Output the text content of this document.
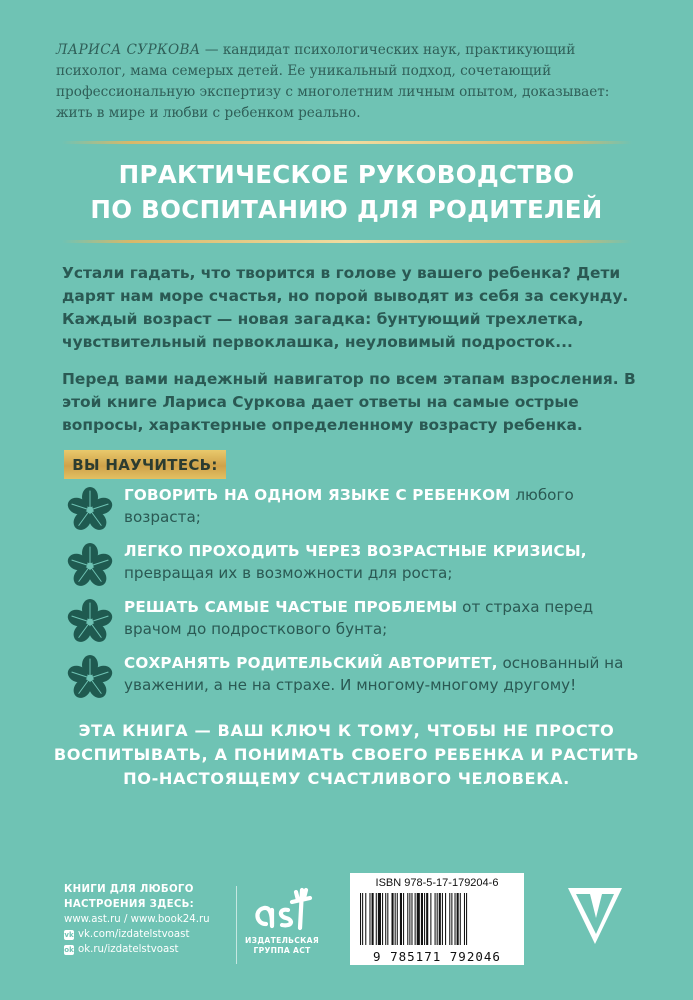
ЛАРИСА СУРКОВА — кандидат психологических наук, практикующий психолог, мама семерых детей. Ее уникальный подход, сочетающий профессиональную экспертизу с многолетним личным опытом, доказывает: жить в мире и любви с ребенком реально.
ПРАКТИЧЕСКОЕ РУКОВОДСТВО
ПО ВОСПИТАНИЮ ДЛЯ РОДИТЕЛЕЙ
Устали гадать, что творится в голове у вашего ребенка? Дети дарят нам море счастья, но порой выводят из себя за секунду. Каждый возраст — новая загадка: бунтующий трехлетка, чувствительный первоклашка, неуловимый подросток...
Перед вами надежный навигатор по всем этапам взросления. В этой книге Лариса Суркова дает ответы на самые острые вопросы, характерные определенному возрасту ребенка.
ВЫ НАУЧИТЕСЬ:
ГОВОРИТЬ НА ОДНОМ ЯЗЫКЕ С РЕБЕНКОМ любого возраста;
ЛЕГКО ПРОХОДИТЬ ЧЕРЕЗ ВОЗРАСТНЫЕ КРИЗИСЫ, превращая их в возможности для роста;
РЕШАТЬ САМЫЕ ЧАСТЫЕ ПРОБЛЕМЫ от страха перед врачом до подросткового бунта;
СОХРАНЯТЬ РОДИТЕЛЬСКИЙ АВТОРИТЕТ, основанный на уважении, а не на страхе. И многому-многому другому!
ЭТА КНИГА — ВАШ КЛЮЧ К ТОМУ, ЧТОБЫ НЕ ПРОСТО
ВОСПИТЫВАТЬ, А ПОНИМАТЬ СВОЕГО РЕБЕНКА И РАСТИТЬ
ПО-НАСТОЯЩЕМУ СЧАСТЛИВОГО ЧЕЛОВЕКА.
КНИГИ ДЛЯ ЛЮБОГО
НАСТРОЕНИЯ ЗДЕСЬ:
www.ast.ru / www.book24.ru
vk vk.com/izdatelstvoast
ok ok.ru/izdatelstvoast
ИЗДАТЕЛЬСКАЯ
ГРУППА АСТ
ISBN 978-5-17-179204-6
9 785171 792046
